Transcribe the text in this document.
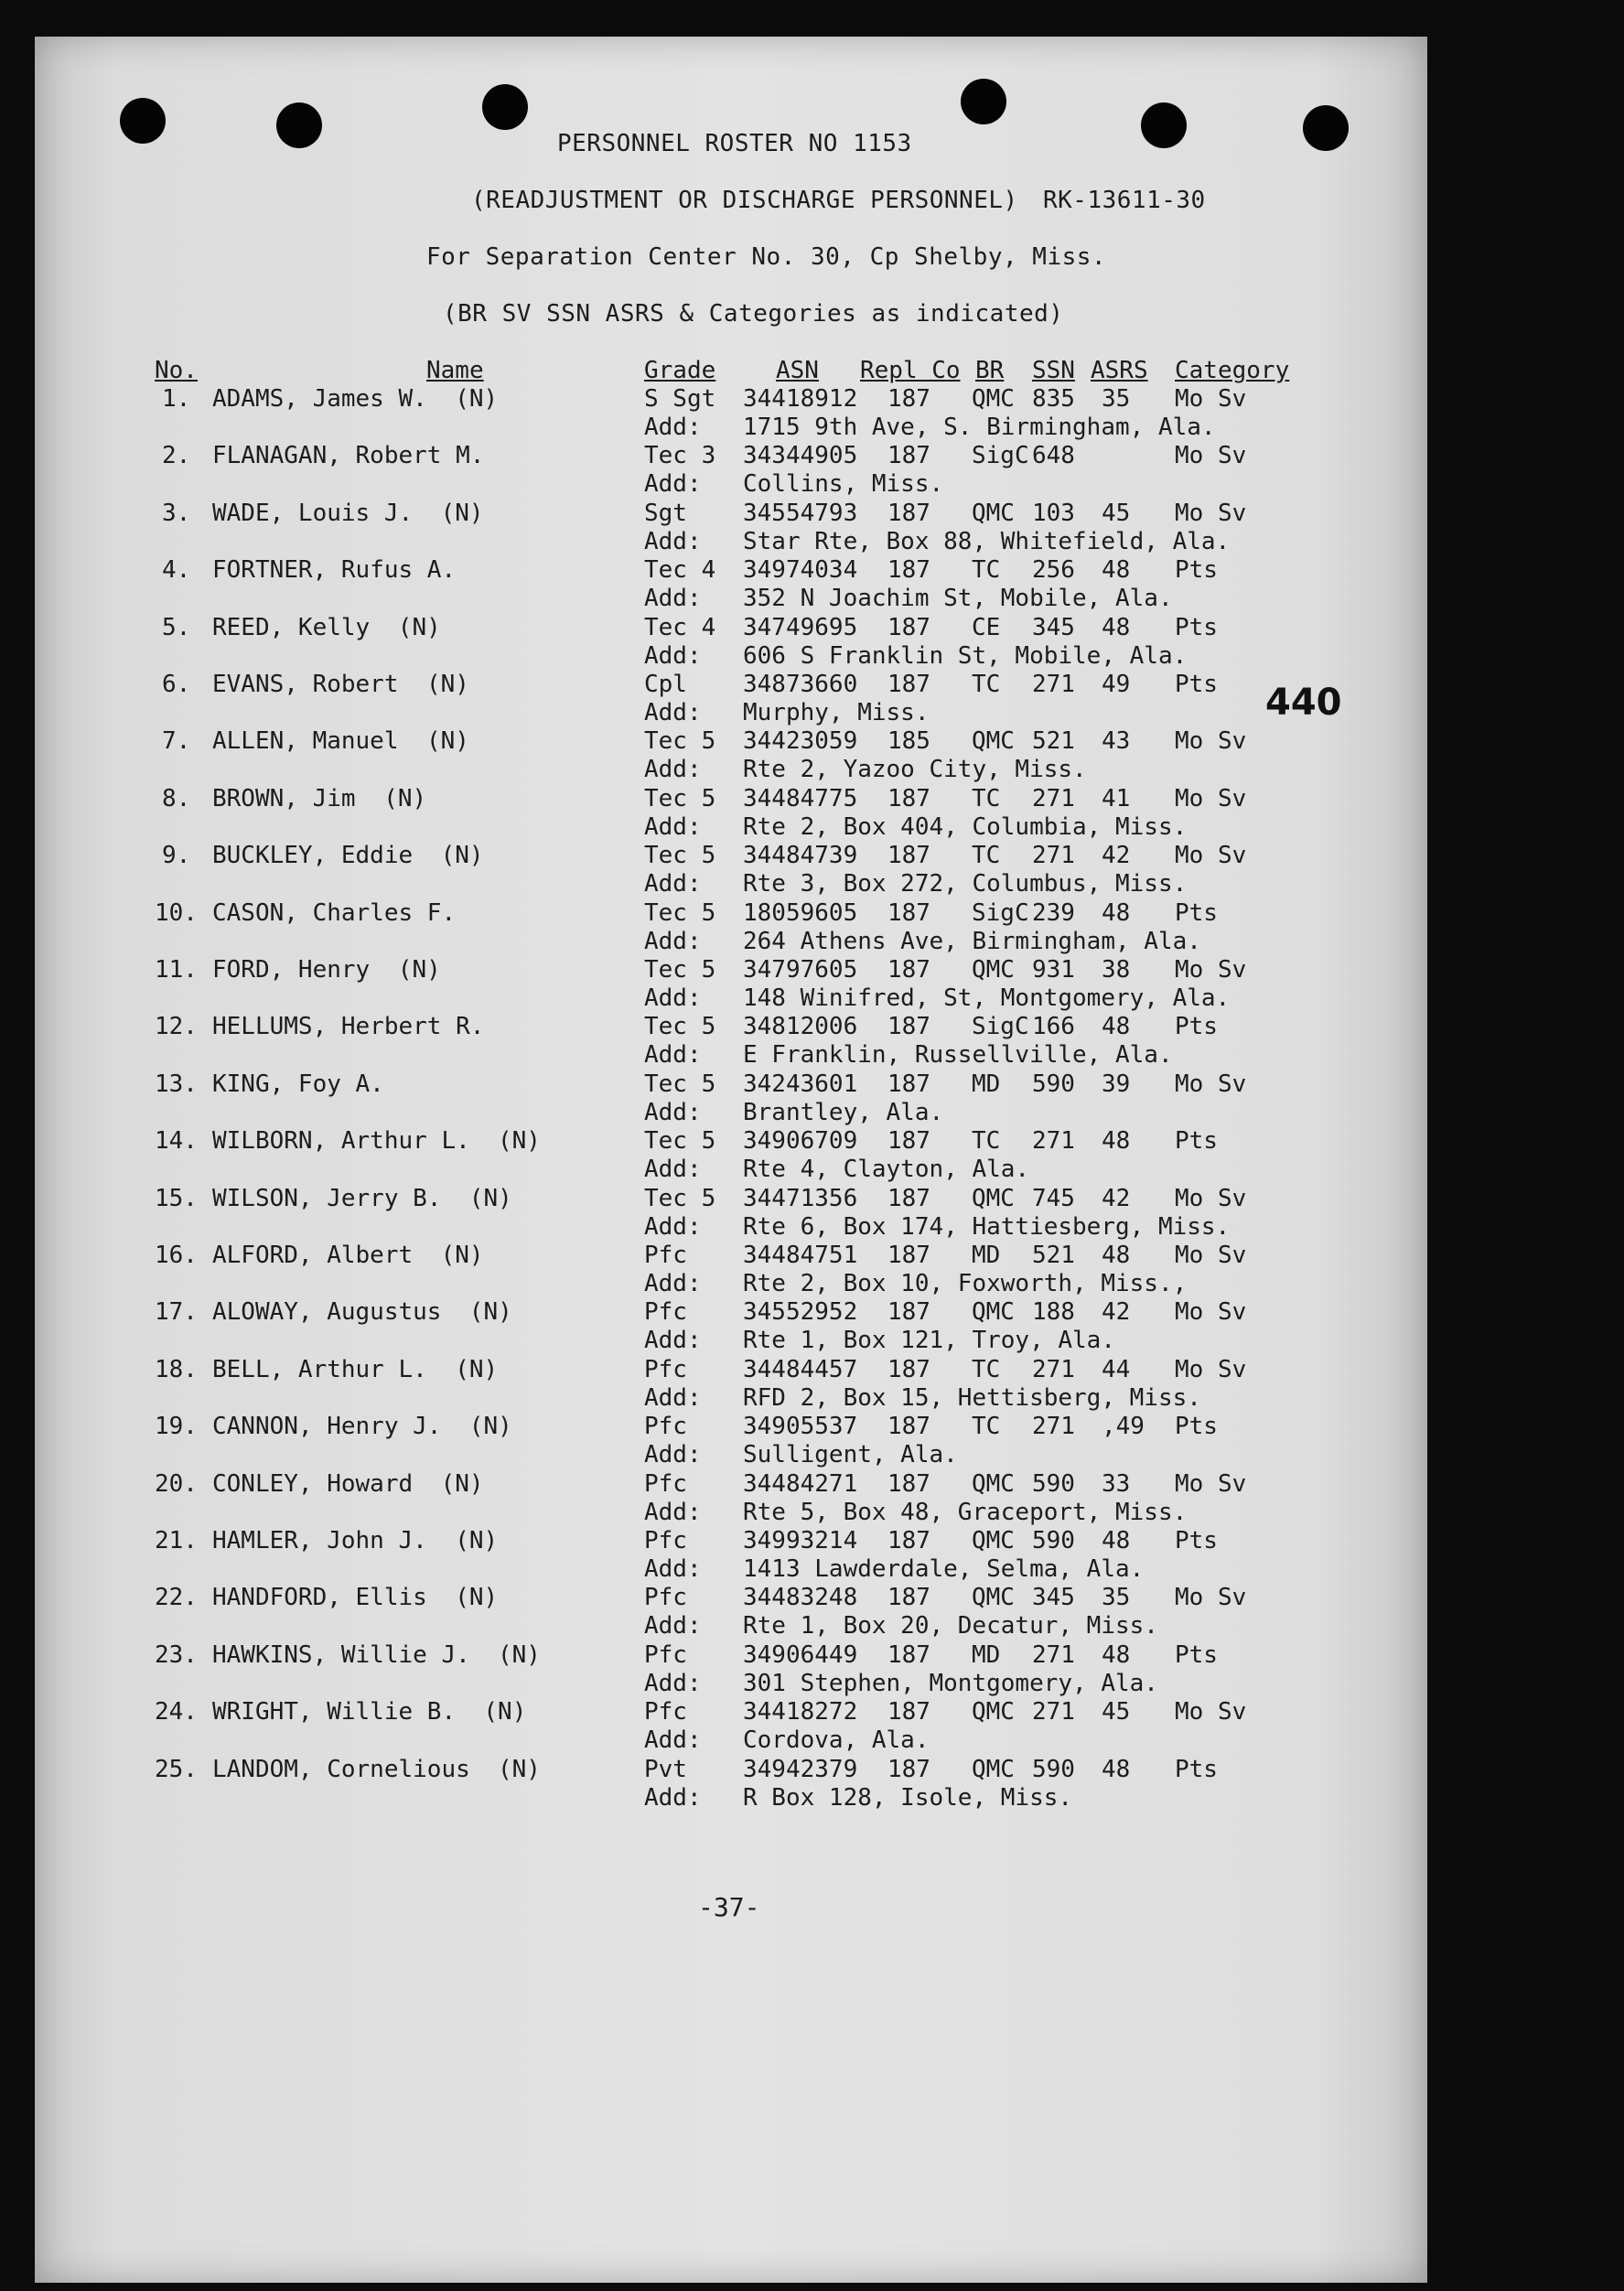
PERSONNEL ROSTER NO 1153
(READJUSTMENT OR DISCHARGE PERSONNEL) RK-13611-30
For Separation Center No. 30, Cp Shelby, Miss.
(BR SV SSN ASRS & Categories as indicated)
No.	Name	Grade	ASN Repl Co BR SSN ASRS Category
1. ADAMS, James W. (N)	S Sgt 34418912 187 QMC 835 35 Mo Sv
Add: 1715 9th Ave, S. Birmingham, Ala.
2. FLANAGAN, Robert M.	Tec 3 34344905 187 SigC 648	Mo Sv
Add: Collins, Miss.
3. WADE, Louis J. (N)	Sgt 34554793 187 QMC 103 45 Mo Sv
Add: Star Rte, Box 88, Whitefield, Ala.
4. FORTNER, Rufus A.	Tec 4 34974034 187 TC 256 48 Pts
Add: 352 N Joachim St, Mobile, Ala.
5. REED, Kelly (N)	Tec 4 34749695 187 CE 345 48 Pts
Add: 606 S Franklin St, Mobile, Ala.
6. EVANS, Robert (N)	Cpl 34873660 187 TC 271 49 Pts
Add: Murphy, Miss.
7. ALLEN, Manuel (N)	Tec 5 34423059 185 QMC 521 43 Mo Sv
Add: Rte 2, Yazoo City, Miss.
8. BROWN, Jim (N)	Tec 5 34484775 187 TC 271 41 Mo Sv
Add: Rte 2, Box 404, Columbia, Miss.
9. BUCKLEY, Eddie (N)	Tec 5 34484739 187 TC 271 42 Mo Sv
Add: Rte 3, Box 272, Columbus, Miss.
10. CASON, Charles F.	Tec 5 18059605 187 SigC 239 48 Pts
Add: 264 Athens Ave, Birmingham, Ala.
11. FORD, Henry (N)	Tec 5 34797605 187 QMC 931 38 Mo Sv
Add: 148 Winifred, St, Montgomery, Ala.
12. HELLUMS, Herbert R.	Tec 5 34812006 187 SigC 166 48 Pts
Add: E Franklin, Russellville, Ala.
13. KING, Foy A.	Tec 5 34243601 187 MD 590 39 Mo Sv
Add: Brantley, Ala.
14. WILBORN, Arthur L. (N)	Tec 5 34906709 187 TC 271 48 Pts
Add: Rte 4, Clayton, Ala.
15. WILSON, Jerry B. (N)	Tec 5 34471356 187 QMC 745 42 Mo Sv
Add: Rte 6, Box 174, Hattiesberg, Miss.
16. ALFORD, Albert (N)	Pfc 34484751 187 MD 521 48 Mo Sv
Add: Rte 2, Box 10, Foxworth, Miss.,
17. ALOWAY, Augustus (N)	Pfc 34552952 187 QMC 188 42 Mo Sv
Add: Rte 1, Box 121, Troy, Ala.
18. BELL, Arthur L. (N)	Pfc 34484457 187 TC 271 44 Mo Sv
Add: RFD 2, Box 15, Hettisberg, Miss.
19. CANNON, Henry J. (N)	Pfc 34905537 187 TC 271 ,49 Pts
Add: Sulligent, Ala.
20. CONLEY, Howard (N)	Pfc 34484271 187 QMC 590 33 Mo Sv
Add: Rte 5, Box 48, Graceport, Miss.
21. HAMLER, John J. (N)	Pfc 34993214 187 QMC 590 48 Pts
Add: 1413 Lawderdale, Selma, Ala.
22. HANDFORD, Ellis (N)	Pfc 34483248 187 QMC 345 35 Mo Sv
Add: Rte 1, Box 20, Decatur, Miss.
23. HAWKINS, Willie J. (N)	Pfc 34906449 187 MD 271 48 Pts
Add: 301 Stephen, Montgomery, Ala.
24. WRIGHT, Willie B. (N)	Pfc 34418272 187 QMC 271 45 Mo Sv
Add: Cordova, Ala.
25. LANDOM, Cornelious (N)	Pvt 34942379 187 QMC 590 48 Pts
Add: R Box 128, Isole, Miss.
440
-37-
